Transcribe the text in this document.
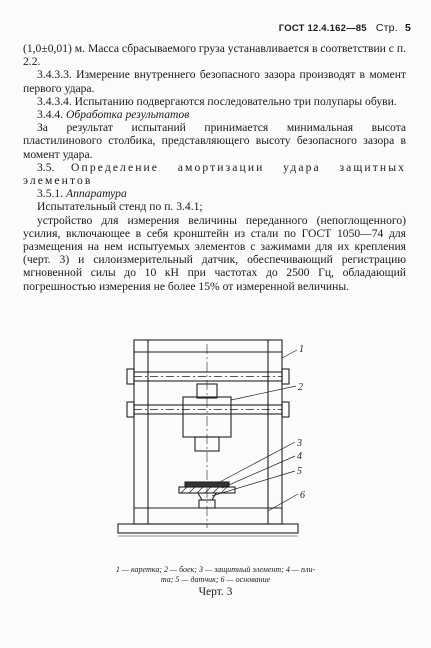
ГОСТ 12.4.162—85 Стр. 5

(1,0±0,01) м. Масса сбрасываемого груза устанавливается в соответствии с п. 2.2.

3.4.3.3. Измерение внутреннего безопасного зазора производят в момент первого удара.

3.4.3.4. Испытанию подвергаются последовательно три полупары обуви.

3.4.4. Обработка результатов

За результат испытаний принимается минимальная высота пластилинового столбика, представляющего высоту безопасного зазора в момент удара.

3.5. Определение амортизации удара защитных элементов

3.5.1. Аппаратура

Испытательный стенд по п. 3.4.1;

устройство для измерения величины переданного (непоглощенного) усилия, включающее в себя кронштейн из стали по ГОСТ 1050—74 для размещения на нем испытуемых элементов с зажимами для их крепления (черт. 3) и силоизмерительный датчик, обеспечивающий регистрацию мгновенной силы до 10 кН при частотах до 2500 Гц, обладающий погрешностью измерения не более 15% от измеренной величины.

1
2
3
4
5
6
1 — каретка; 2 — боек; 3 — защитный элемент; 4 — пли-
та; 5 — датчик; 6 — основание
Черт. 3
